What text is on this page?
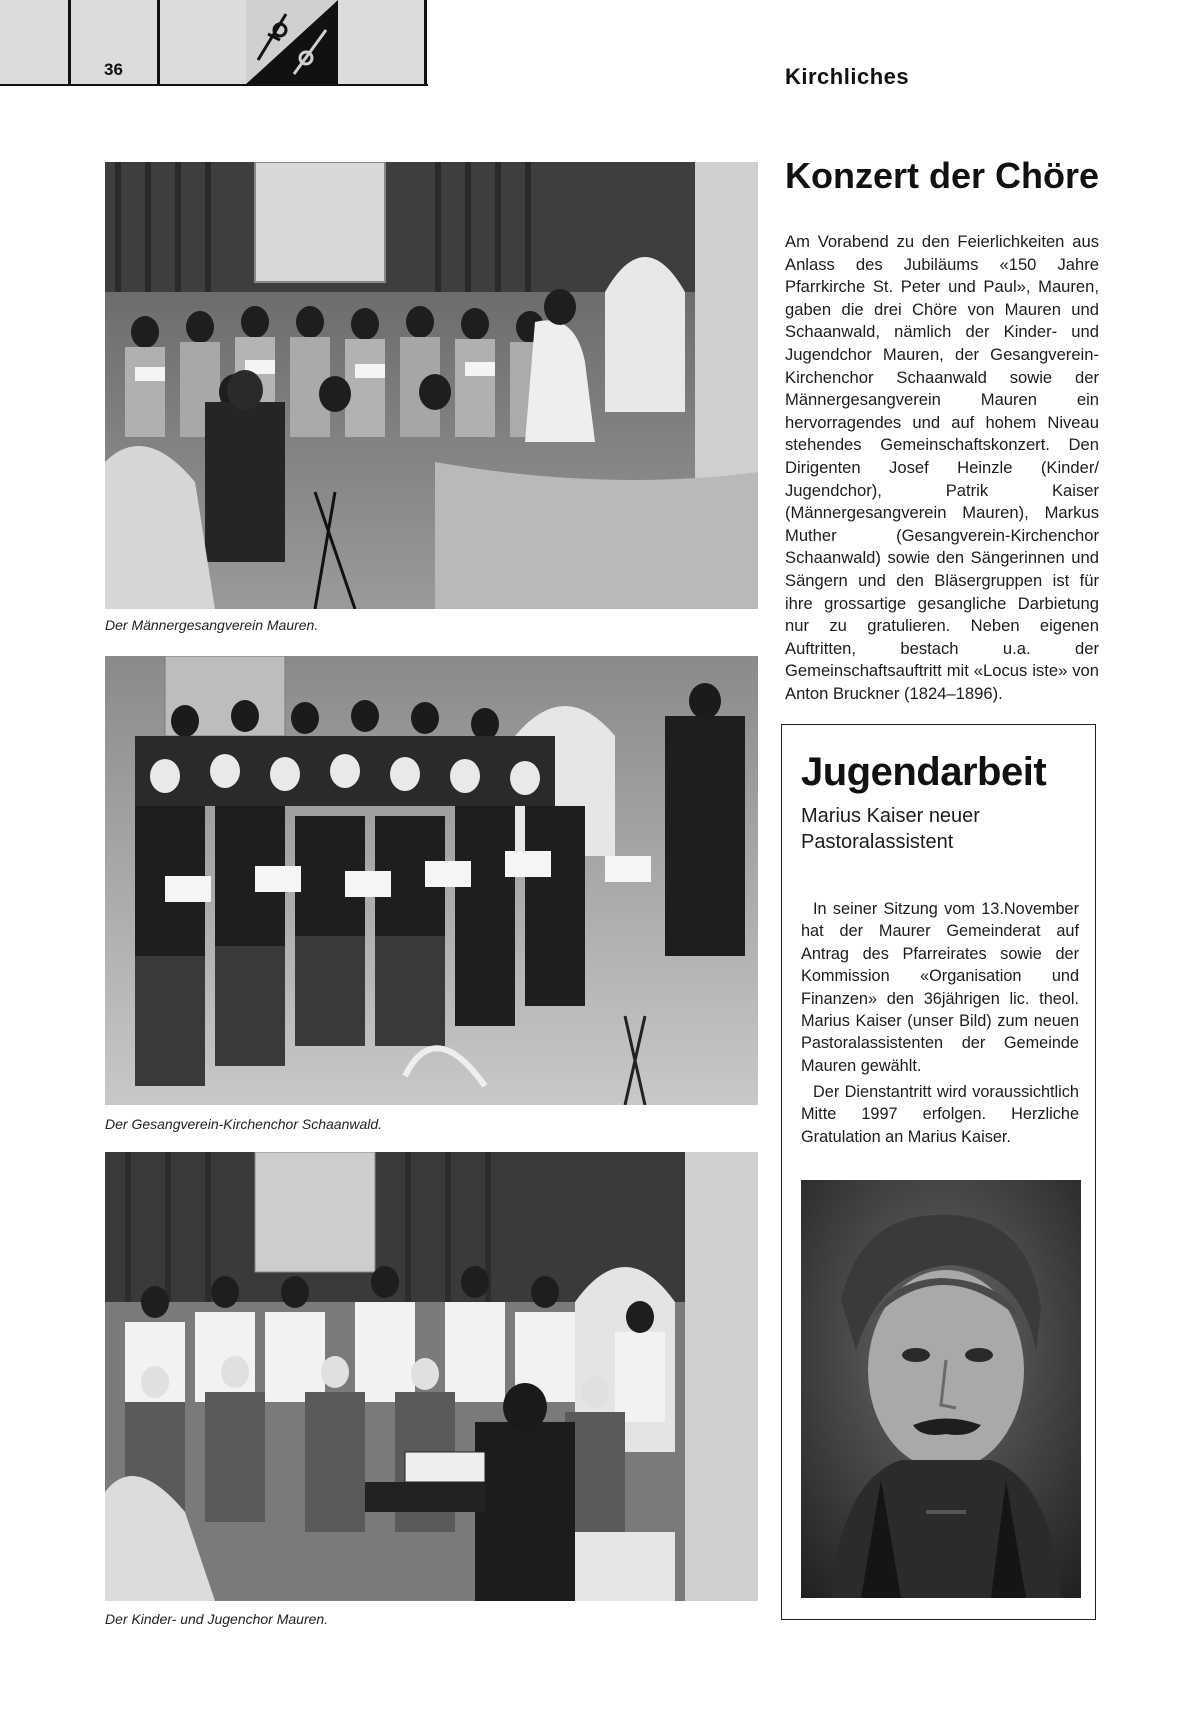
36	Kirchliches
Der Männergesangverein Mauren.
Der Gesangverein-Kirchenchor Schaanwald.
Der Kinder- und Jugenchor Mauren.
Konzert der Chöre
Am Vorabend zu den Feierlichkeiten aus Anlass des Jubiläums «150 Jahre Pfarrkirche St. Peter und Paul», Mauren, gaben die drei Chöre von Mauren und Schaanwald, nämlich der Kinder- und Jugendchor Mauren, der Gesangverein-Kirchenchor Schaanwald sowie der Männergesangverein Mauren ein hervorragendes und auf hohem Niveau stehendes Gemeinschaftskonzert. Den Dirigenten Josef Heinzle (Kinder/ Jugendchor), Patrik Kaiser (Männergesangverein Mauren), Markus Muther (Gesangverein-Kirchenchor Schaanwald) sowie den Sängerinnen und Sängern und den Bläsergruppen ist für ihre grossartige gesangliche Darbietung nur zu gratulieren. Neben eigenen Auftritten, bestach u.a. der Gemeinschaftsauftritt mit «Locus iste» von Anton Bruckner (1824–1896).
Jugendarbeit
Marius Kaiser neuer Pastoralassistent

In seiner Sitzung vom 13.November hat der Maurer Gemeinderat auf Antrag des Pfarreirates sowie der Kommission «Organisation und Finanzen» den 36jährigen lic. theol. Marius Kaiser (unser Bild) zum neuen Pastoralassistenten der Gemeinde Mauren gewählt.

Der Dienstantritt wird voraussichtlich Mitte 1997 erfolgen. Herzliche Gratulation an Marius Kaiser.
